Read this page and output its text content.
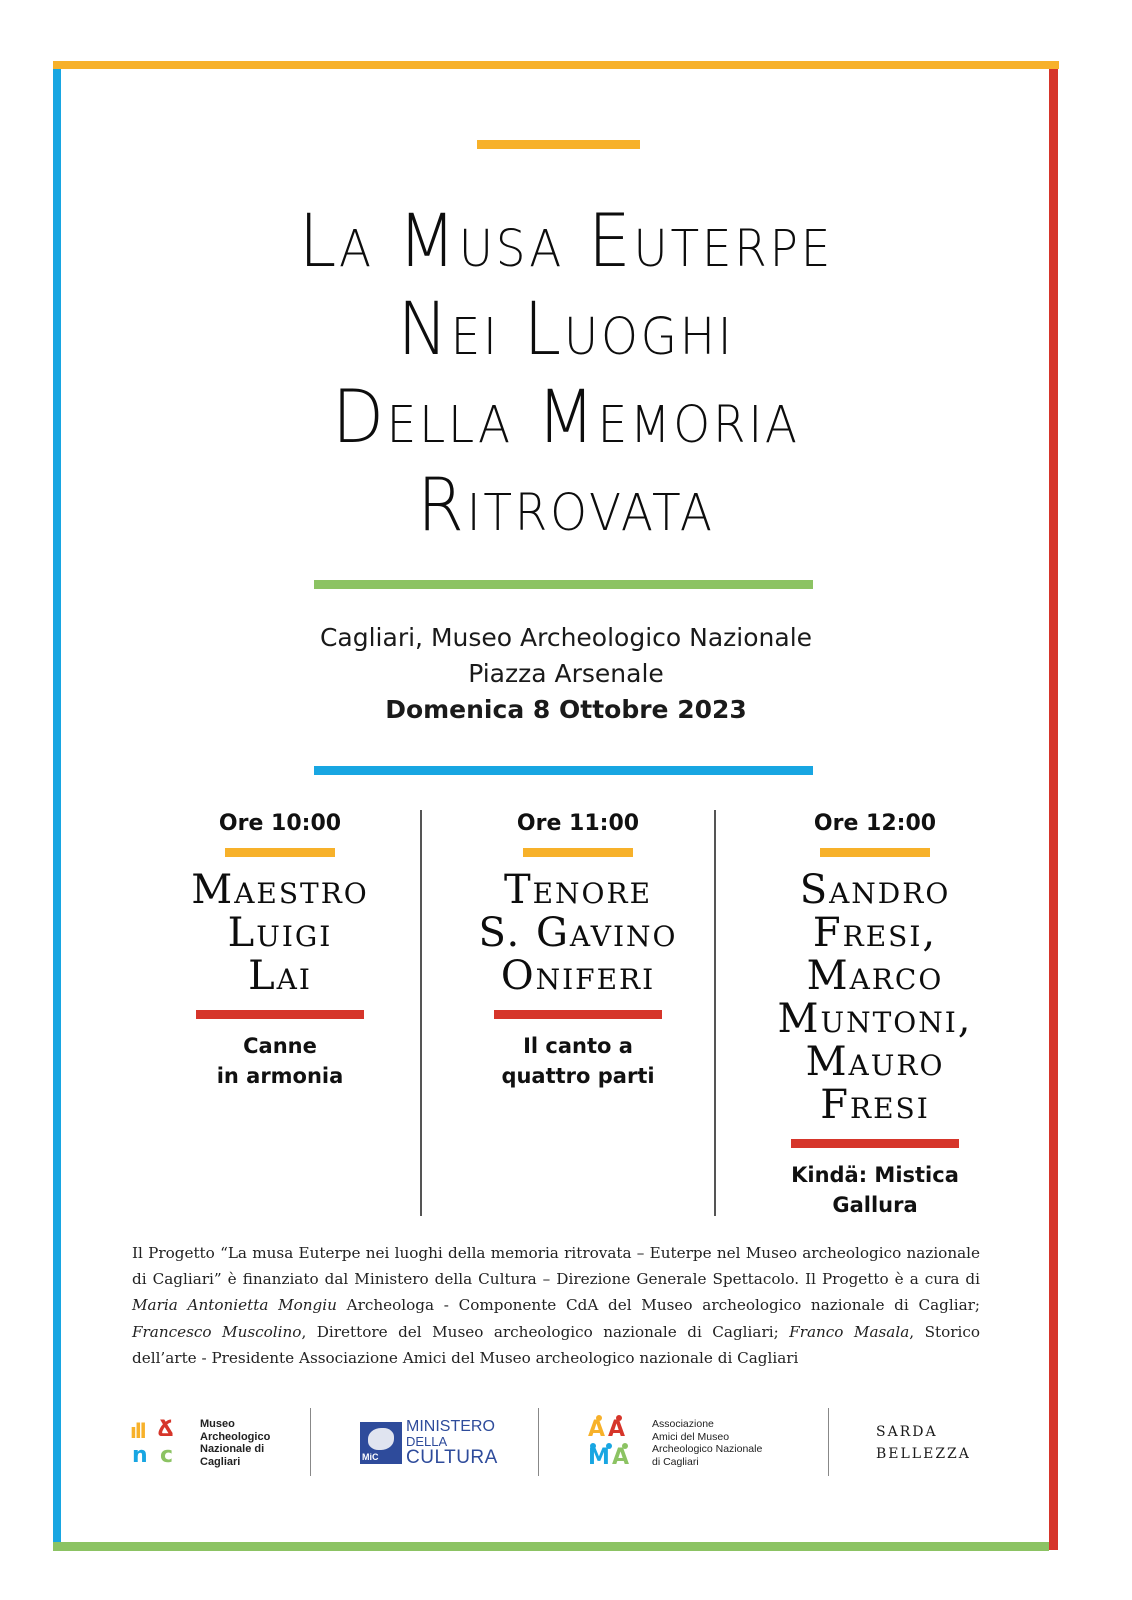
La Musa Euterpe
Nei Luoghi
Della Memoria
Ritrovata
Cagliari, Museo Archeologico Nazionale
Piazza Arsenale
Domenica 8 Ottobre 2023
Ore 10:00
Maestro
Luigi
Lai
Canne
in armonia
Ore 11:00
Tenore
S. Gavino
Oniferi
Il canto a
quattro parti
Ore 12:00
Sandro
Fresi,
Marco
Muntoni,
Mauro
Fresi
Kindä: Mistica
Gallura
Il Progetto “La musa Euterpe nei luoghi della memoria ritrovata – Euterpe nel Museo archeologico nazionale di Cagliari” è finanziato dal Ministero della Cultura – Direzione Generale Spettacolo. Il Progetto è a cura di Maria Antonietta Mongiu Archeologa - Componente CdA del Museo archeologico nazionale di Cagliar; Francesco Muscolino, Direttore del Museo archeologico nazionale di Cagliari; Franco Masala, Storico dell’arte - Presidente Associazione Amici del Museo archeologico nazionale di Cagliari
ıll Ճ
n c
Museo
Archeologico
Nazionale di
Cagliari	MiC
MINISTERO
DELLA
CULTURA
A A
M A
Associazione
Amici del Museo
Archeologico Nazionale
di Cagliari
SARDA
BELLEZZA
